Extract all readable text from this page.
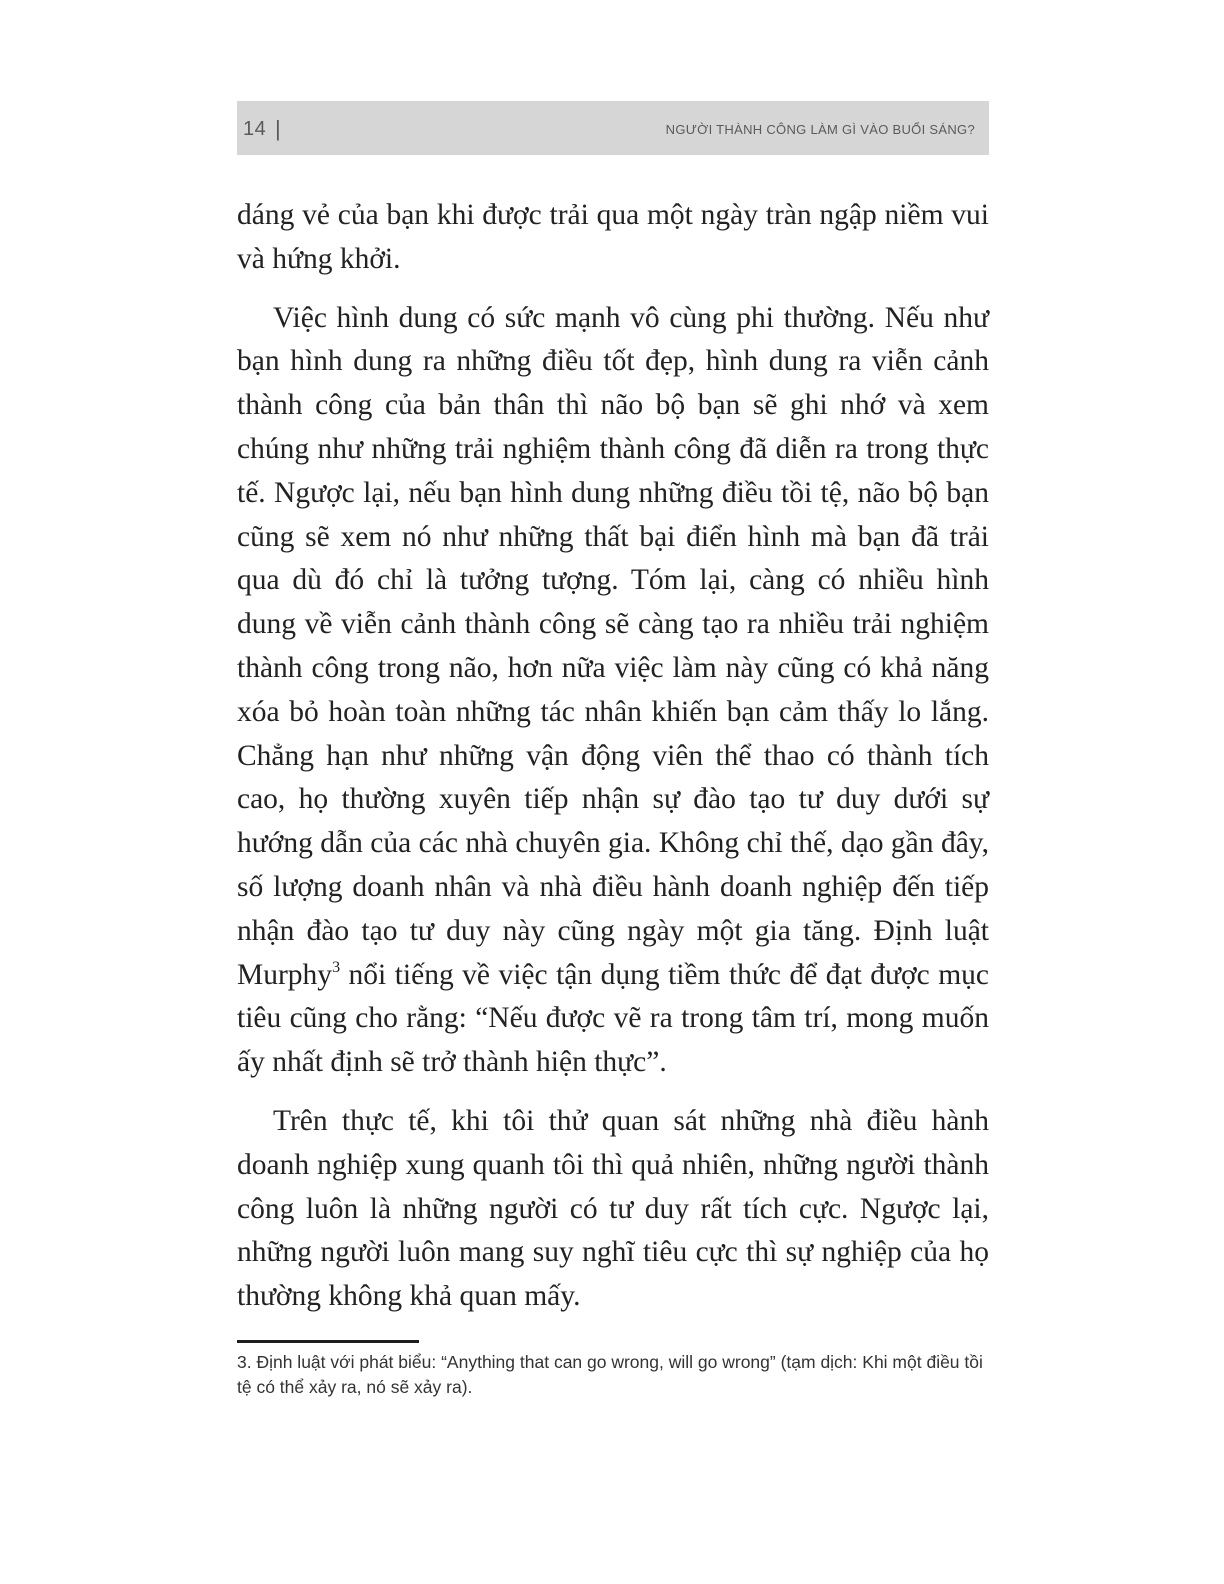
14 |	NGƯỜI THÀNH CÔNG LÀM GÌ VÀO BUỔI SÁNG?

dáng vẻ của bạn khi được trải qua một ngày tràn ngập niềm vui và hứng khởi.

Việc hình dung có sức mạnh vô cùng phi thường. Nếu như bạn hình dung ra những điều tốt đẹp, hình dung ra viễn cảnh thành công của bản thân thì não bộ bạn sẽ ghi nhớ và xem chúng như những trải nghiệm thành công đã diễn ra trong thực tế. Ngược lại, nếu bạn hình dung những điều tồi tệ, não bộ bạn cũng sẽ xem nó như những thất bại điển hình mà bạn đã trải qua dù đó chỉ là tưởng tượng. Tóm lại, càng có nhiều hình dung về viễn cảnh thành công sẽ càng tạo ra nhiều trải nghiệm thành công trong não, hơn nữa việc làm này cũng có khả năng xóa bỏ hoàn toàn những tác nhân khiến bạn cảm thấy lo lắng. Chẳng hạn như những vận động viên thể thao có thành tích cao, họ thường xuyên tiếp nhận sự đào tạo tư duy dưới sự hướng dẫn của các nhà chuyên gia. Không chỉ thế, dạo gần đây, số lượng doanh nhân và nhà điều hành doanh nghiệp đến tiếp nhận đào tạo tư duy này cũng ngày một gia tăng. Định luật Murphy$^3$ nổi tiếng về việc tận dụng tiềm thức để đạt được mục tiêu cũng cho rằng: “Nếu được vẽ ra trong tâm trí, mong muốn ấy nhất định sẽ trở thành hiện thực”.

Trên thực tế, khi tôi thử quan sát những nhà điều hành doanh nghiệp xung quanh tôi thì quả nhiên, những người thành công luôn là những người có tư duy rất tích cực. Ngược lại, những người luôn mang suy nghĩ tiêu cực thì sự nghiệp của họ thường không khả quan mấy.

3. Định luật với phát biểu: “Anything that can go wrong, will go wrong” (tạm dịch: Khi một điều tồi tệ có thể xảy ra, nó sẽ xảy ra).
